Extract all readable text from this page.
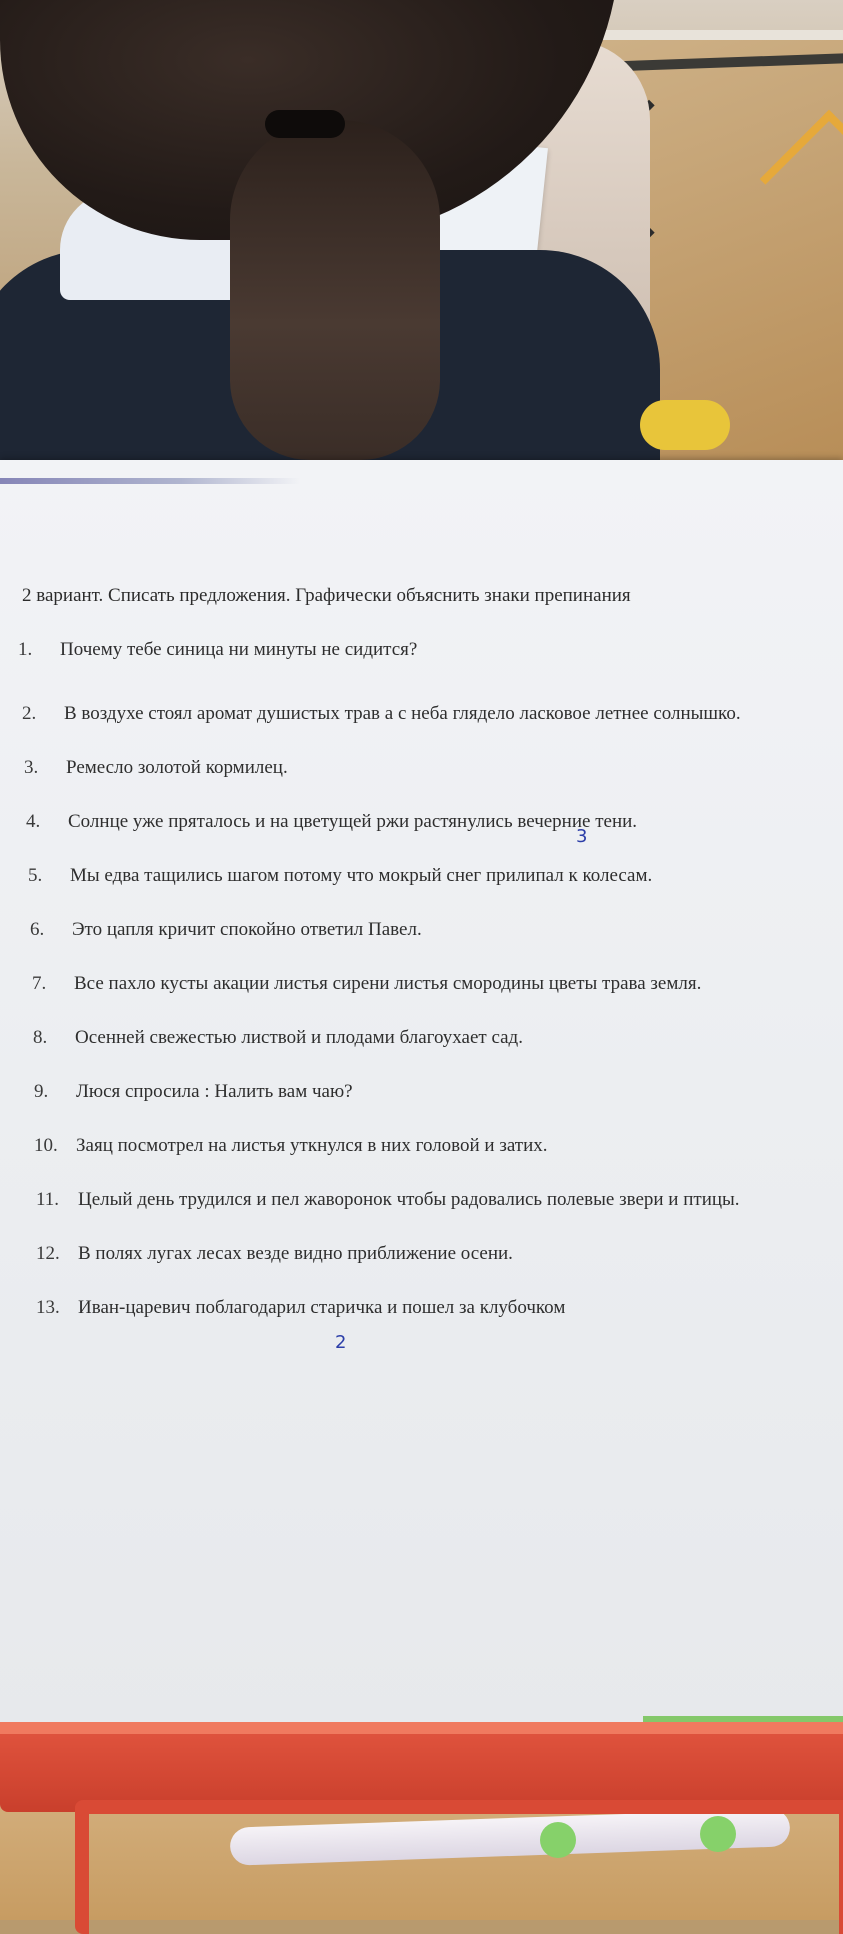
2 вариант. Списать предложения. Графически объяснить знаки препинания
1.	Почему тебе синица ни минуты не сидится?
2.	В воздухе стоял аромат душистых трав а с неба глядело ласковое летнее солнышко.
3.	Ремесло золотой кормилец.
4.	Солнце уже пряталось и на цветущей ржи растянулись вечерние тени.
5.	Мы едва тащились шагом потому что мокрый снег прилипал к колесам.
6.	Это цапля кричит спокойно ответил Павел.
7.	Все пахло кусты акации листья сирени листья смородины цветы трава земля.
8.	Осенней свежестью листвой и плодами благоухает сад.
9.	Люся спросила : Налить вам чаю?
10. Заяц посмотрел на листья уткнулся в них головой и затих.
11. Целый день трудился и пел жаворонок чтобы радовались полевые звери и птицы.
12. В полях лугах лесах везде видно приближение осени.
13. Иван-царевич поблагодарил старичка и пошел за клубочком
3
2
